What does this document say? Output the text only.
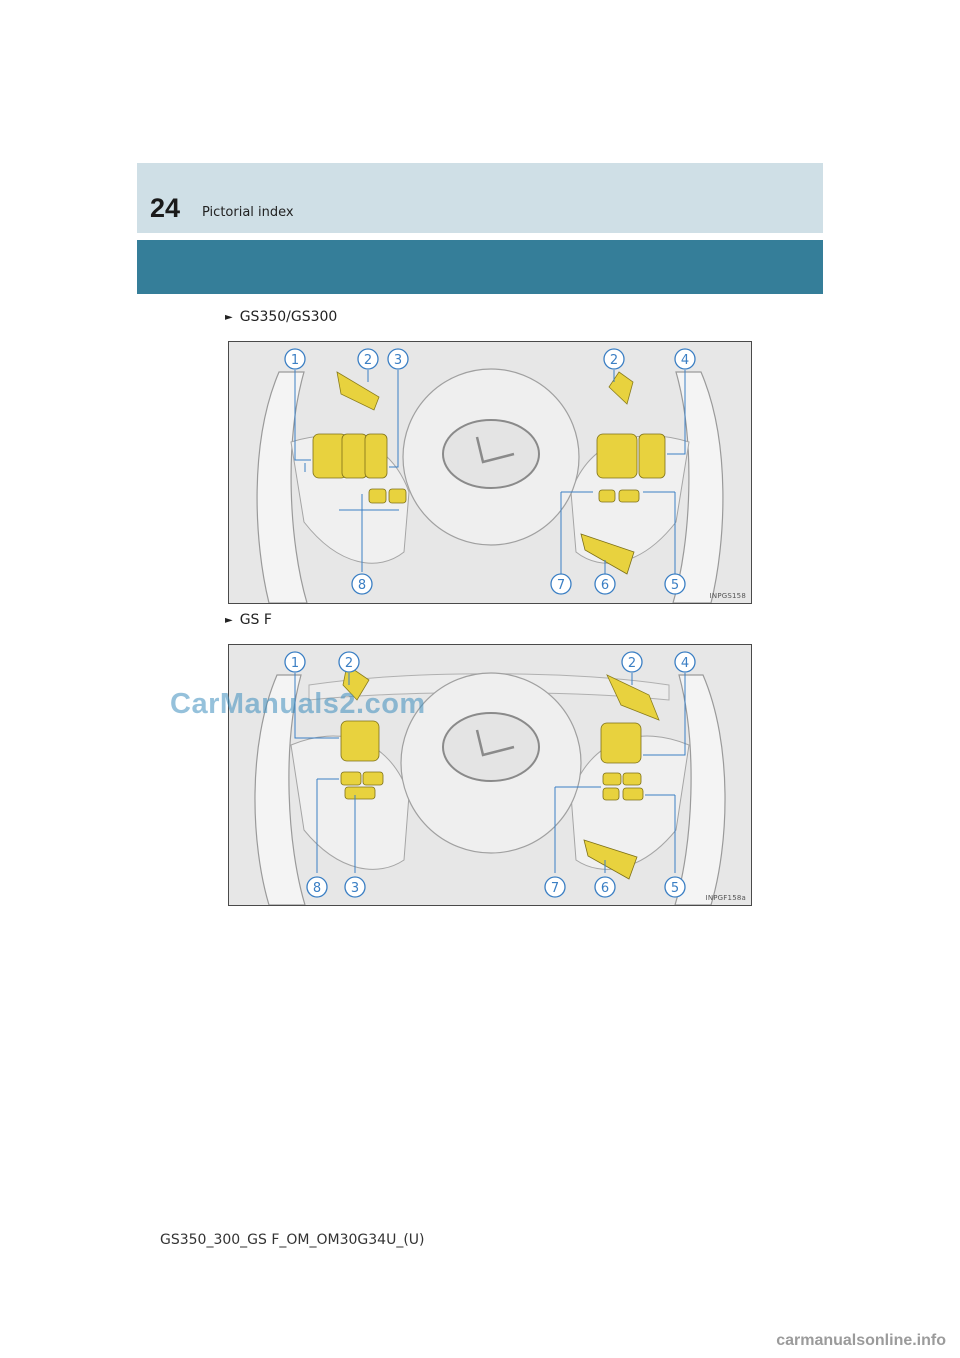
24 Pictorial index
► GS350/GS300
1	2 3	2	4
8	7	6	5
INPGS158
► GS F
1	2	2	4
8 3	7	6	5
INPGF158a
CarManuals2.com
GS350_300_GS F_OM_OM30G34U_(U)
carmanualsonline.info
